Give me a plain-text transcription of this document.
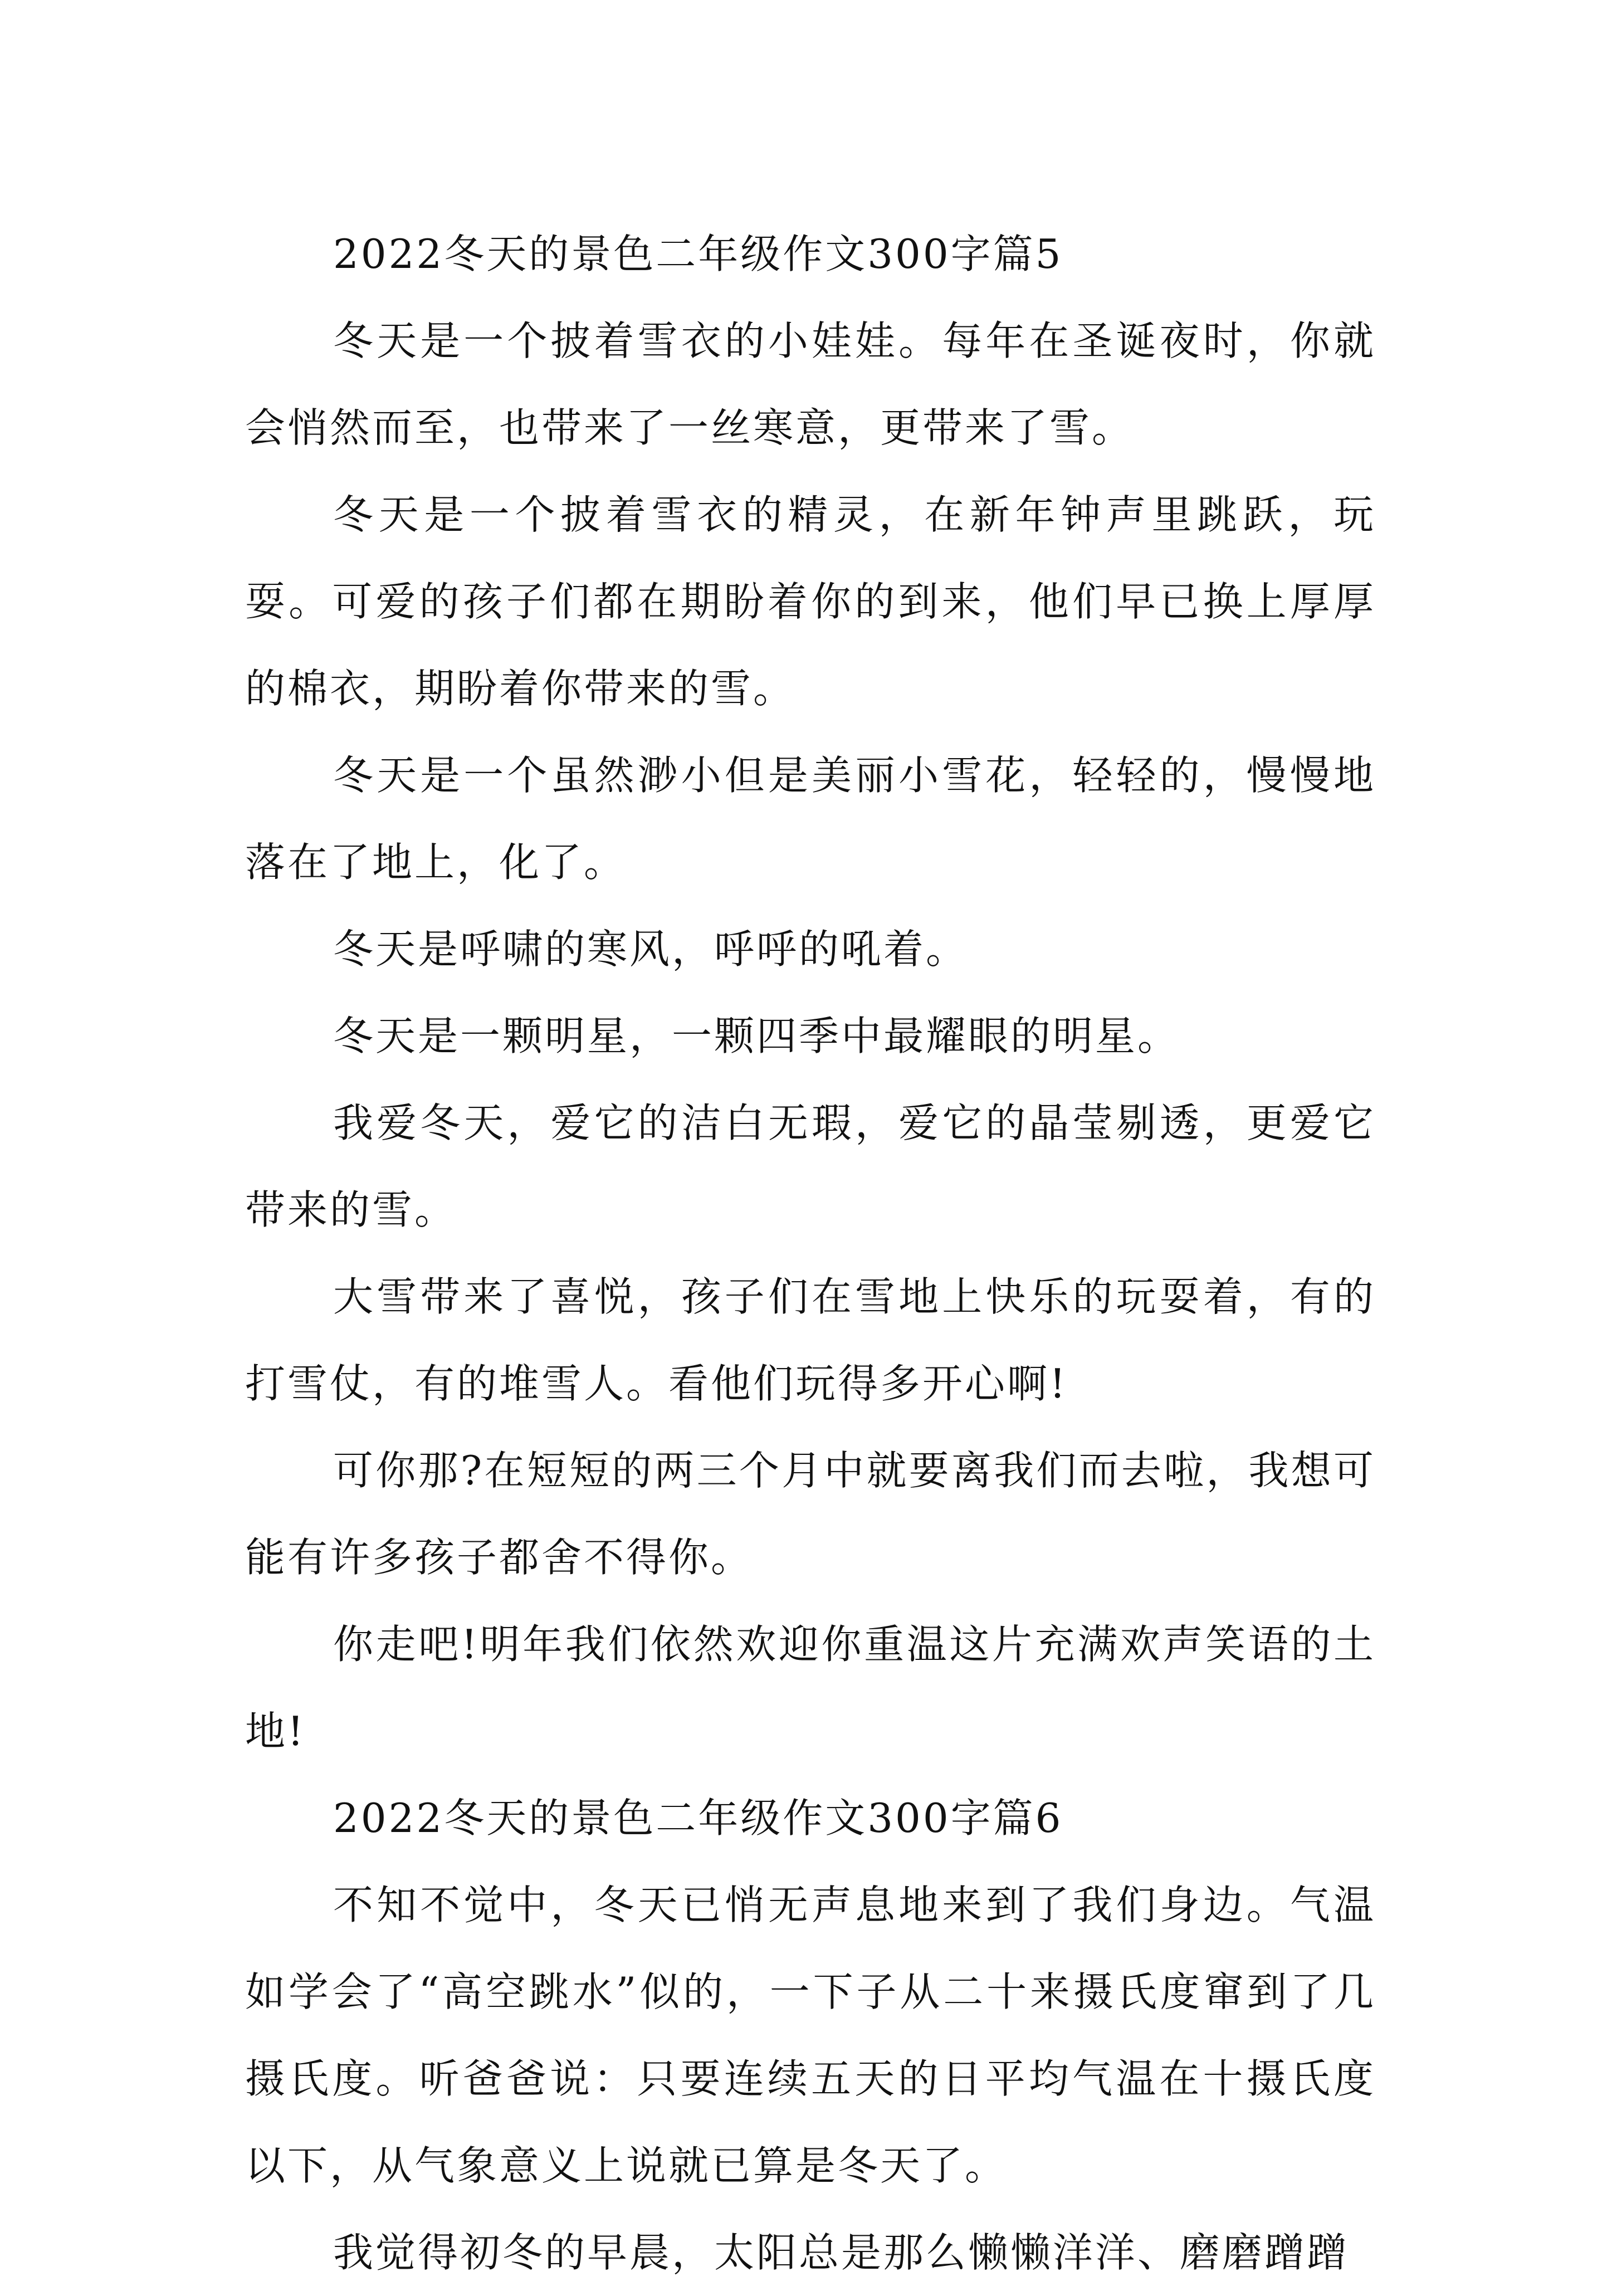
2022冬天的景色二年级作文300字篇5

冬天是一个披着雪衣的小娃娃。每年在圣诞夜时，你就会悄然而至，也带来了一丝寒意，更带来了雪。

冬天是一个披着雪衣的精灵，在新年钟声里跳跃，玩耍。可爱的孩子们都在期盼着你的到来，他们早已换上厚厚的棉衣，期盼着你带来的雪。

冬天是一个虽然渺小但是美丽小雪花，轻轻的，慢慢地落在了地上，化了。

冬天是呼啸的寒风，呼呼的吼着。

冬天是一颗明星，一颗四季中最耀眼的明星。

我爱冬天，爱它的洁白无瑕，爱它的晶莹剔透，更爱它带来的雪。

大雪带来了喜悦，孩子们在雪地上快乐的玩耍着，有的打雪仗，有的堆雪人。看他们玩得多开心啊!

可你那?在短短的两三个月中就要离我们而去啦，我想可能有许多孩子都舍不得你。

你走吧!明年我们依然欢迎你重温这片充满欢声笑语的土地!

2022冬天的景色二年级作文300字篇6

不知不觉中，冬天已悄无声息地来到了我们身边。气温如学会了“高空跳水”似的，一下子从二十来摄氏度窜到了几摄氏度。听爸爸说：只要连续五天的日平均气温在十摄氏度以下，从气象意义上说就已算是冬天了。

我觉得初冬的早晨，太阳总是那么懒懒洋洋、磨磨蹭蹭
